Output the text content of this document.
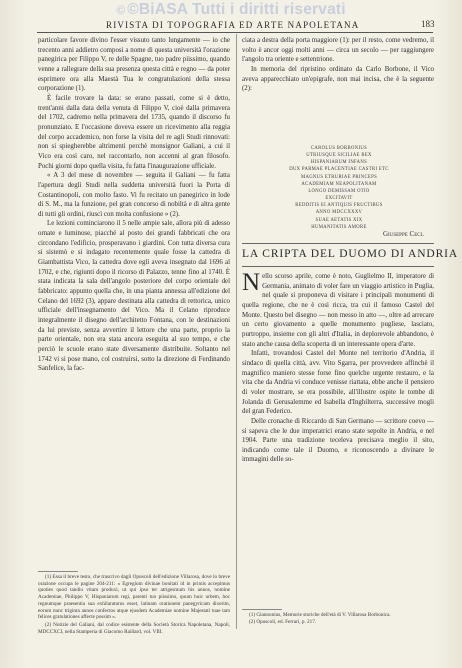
© ©BiASA Tutti i diritti riservati
RIVISTA DI TOPOGRAFIA ED ARTE NAPOLETANA	183

particolare favore divino l'esser vissuto tanto lungamente — io che trecento anni addietro composi a nome di questa università l'orazione panegirica per Filippo V, re delle Spagne, tuo padre piissimo, quando venne a rallegrare della sua presenza questa città e regno — da poter esprimere ora alla Maestà Tua le congratulazioni della stessa corporazione (1).

È facile trovare la data: se erano passati, come si è detto, trent'anni dalla data della venuta di Filippo V, cioè dalla primavera del 1702, cadremo nella primavera del 1735, quando il discorso fu pronunziato. E l'occasione doveva essere un ricevimento alla reggia del corpo accademico, non forse la visita del re agli Studi rinnovati: non si spiegherebbe altrimenti perchè monsignor Galiani, a cui il Vico era così caro, nel raccontarlo, non accenni al gran filosofo. Pochi giorni dopo quella visita, fu fatta l'inaugurazione ufficiale.

« A 3 del mese di novembre — seguita il Galiani — fu fatta l'apertura degli Studi nella suddetta università fuori la Porta di Costantinopoli, con molto fasto. Vi fu recitato un panegirico in lode di S. M., ma la funzione, pel gran concorso di nobiltà e di altra gente di tutti gli ordini, riuscì con molta confusione » (2).

Le lezioni cominciarono il 5 nelle ampie sale, allora più di adesso ornate e luminose, piacché al posto dei grandi fabbricati che ora circondano l'edificio, prosperavano i giardini. Con tutta diversa cura si sistemò e si indagato recentemente quale fosse la cattedra di Giambattista Vico, la cattedra dove egli aveva insegnato dal 1696 al 1702, e che, rigiunti dopo il ricorso di Palazzo, tenne fino al 1740. È stata indicata la sala dell'angolo posteriore del corpo orientale del fabbricato: appunto quella che, in una pianta annessa all'edizione del Celano del 1692 (3), appare destinata alla cattedra di rettorica, unico ufficiale dell'insegnamento del Vico. Ma il Celano riproduce integralmente il disegno dell'architetto Fontana, con le destinazioni da lui previste, senza avvertire il lettore che una parte, proprio la parte orientale, non era stata ancora eseguita al suo tempo, e che perciò le scuole erano state diversamente distribuite. Soltanto nel 1742 vi si pose mano, col costruirsi, sotto la direzione di Ferdinando Sanfelice, la fac-

(1) Essa il breve testo, che trascrivo dagli Opuscoli dell'edizione Villarosa, dove lo breve orazione occupa le pagine 204-211: « Egregium divinae bonitati id in primis accepimus quoties quod tandiu vitam produxi, ut qui ipso ter atrigesmum his annos, nomine Academiae, Philippo V, Hispaniarum regi, parenti tuo piissimo, quum huic urbem, hoc regnumque praesentia sua exhilaraturus esset, latinam orationem panegyricam dixerim, eorum nunc triginta annos confectos atque ejusdem Academiae nomine Majestati tuae tam felices gratulationes affecte possim ».

(2) Notizie del Galiani, dal codice esistente della Società Storica Napoletana, Napoli, MDCCXCI, nella Stamperia di Giacomo Raillard, vol. VIII.

ciata a destra della porta maggiore (1): per il resto, come vedremo, il volto è ancor oggi molti anni — circa un secolo — per raggiungere l'angolo tra oriente e settentrione.

In memoria del ripristino ordinato da Carlo Borbone, il Vico aveva apparecchiato un'epigrafe, non mai incisa, che è la seguente (2):

CAROLUS BORBONIUS
UTRIUSQUE SICILIAE REX
HISPANIARUM INFANS
DUX PARMAE PLACENTIAE CASTRI ETC
MAGNUS ETRURIAE PRINCEPS
ACADEMIAM NEAPOLITANAM
LONGO DEMISSAM OTIO
EXCITAVIT
REDDITIS EI ANTIQUIS FRUCTIBUS
ANNO MDCCXXXV
SUAE AETATIS XIX
HUMANITATIS AMORE
Giuseppe Ceci.
LA CRIPTA DEL DUOMO DI ANDRIA

Nello scorso aprile, come è noto, Guglielmo II, imperatore di Germania, animato di voler fare un viaggio artistico in Puglia, nel quale si proponeva di visitare i principali monumenti di quella regione, che ne è così ricca, tra cui il famoso Castel del Monte. Questo bel disegno — non messo in atto —, oltre ad arrecare un certo giovamento a quelle monumento pugliese, lasciato, purtroppo, insieme con gli altri d'Italia, in deplorevole abbandono, è stato anche causa della scoperta di un interessante opera d'arte.

Infatti, trovandosi Castel del Monte nel territorio d'Andria, il sindaco di quella città, avv. Vito Sgarra, per provvedere affinchè il magnifico maniero stesse forse fino quelche urgente restauro, e la vita che da Andria vi conduce venisse riattata, ebbe anche il pensiero di voler mostrare, se era possibile, all'illustre ospite le tombe di Jolanda di Gerusalemme ed Isabella d'Inghilterra, successive mogli del gran Federico.

Delle cronache di Riccardo di San Germano — scrittore coevo — si sapeva che le due imperatrici erano state sepolte in Andria, e nel 1904. Parte una tradizione teceleva precisava meglio il sito, indicando come tale il Duomo, e riconoscendo a divinare le immagini delle so-

(1) Giannonius, Memorie storiche dell'età di V. Villarosa Borbonica.

(2) Opuscoli, ed. Ferrari, p. 217.
